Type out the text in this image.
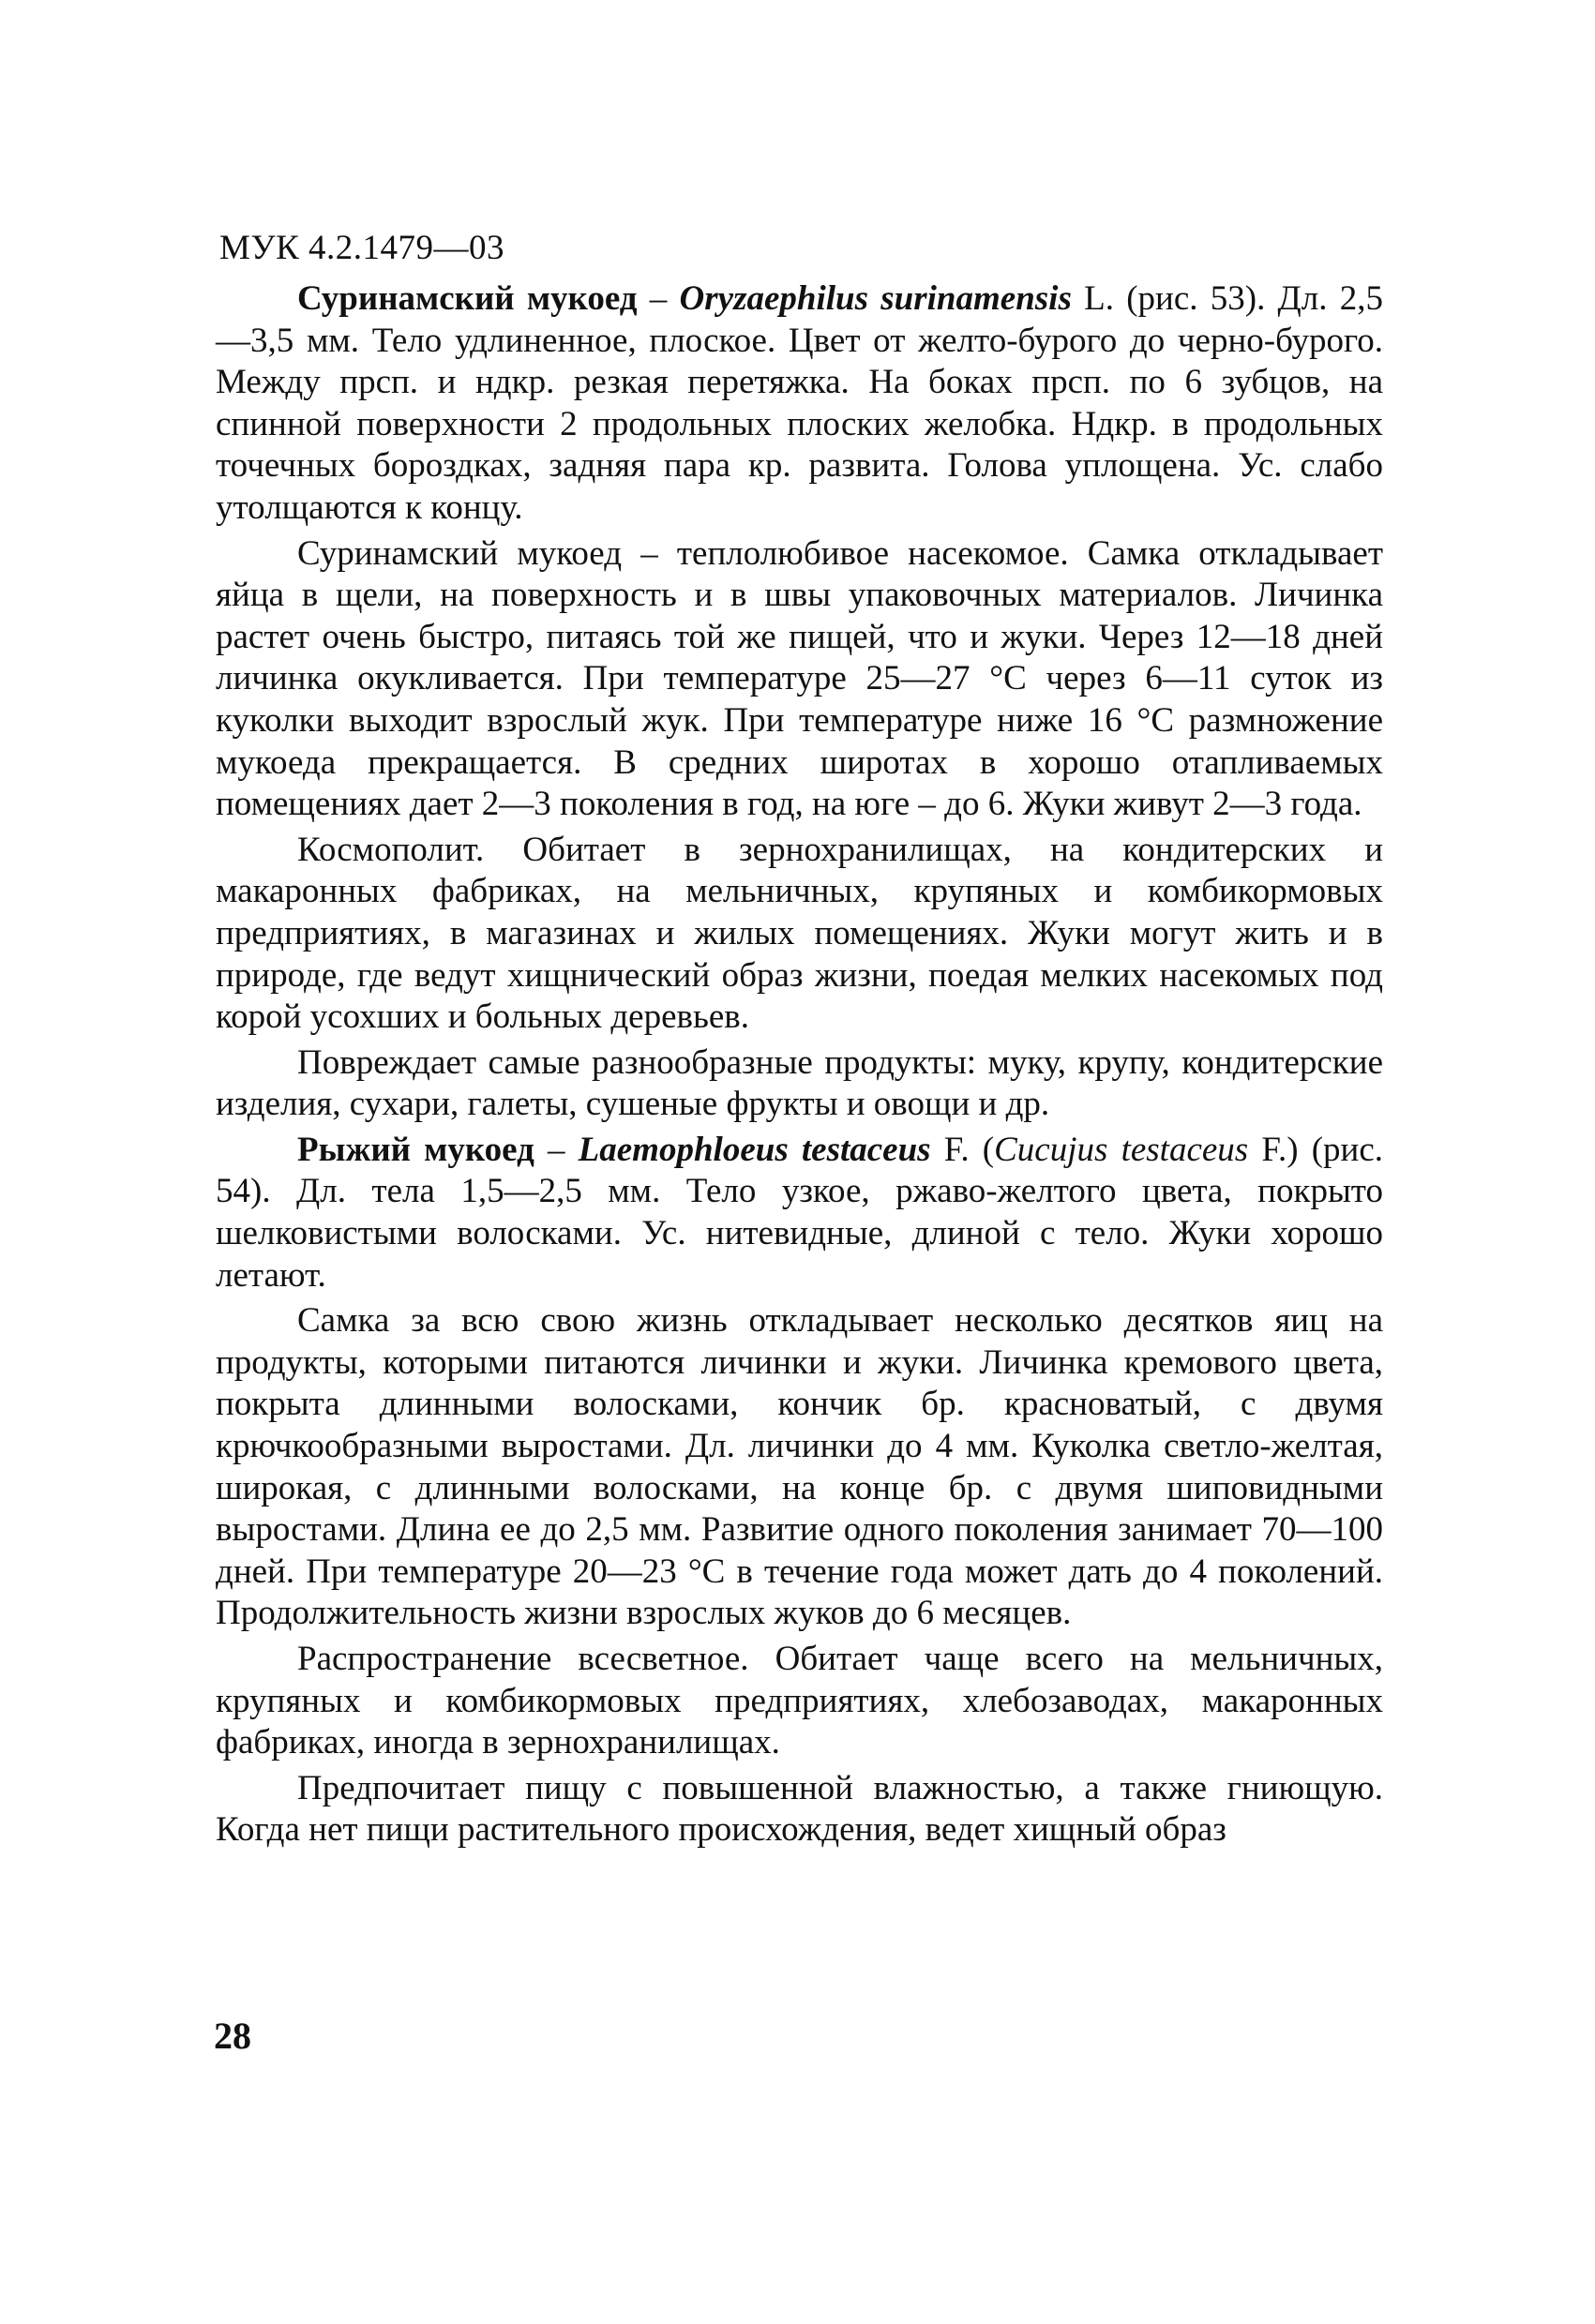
МУК 4.2.1479—03

Суринамский мукоед – Oryzaephilus surinamensis L. (рис. 53). Дл. 2,5—3,5 мм. Тело удлиненное, плоское. Цвет от желто-бурого до черно-бурого. Между прсп. и ндкр. резкая перетяжка. На боках прсп. по 6 зубцов, на спинной поверхности 2 продольных плоских желобка. Ндкр. в продольных точечных бороздках, задняя пара кр. развита. Голова уплощена. Ус. слабо утолщаются к концу.

Суринамский мукоед – теплолюбивое насекомое. Самка откладывает яйца в щели, на поверхность и в швы упаковочных материалов. Личинка растет очень быстро, питаясь той же пищей, что и жуки. Через 12—18 дней личинка окукливается. При температуре 25—27 °С через 6—11 суток из куколки выходит взрослый жук. При температуре ниже 16 °С размножение мукоеда прекращается. В средних широтах в хорошо отапливаемых помещениях дает 2—3 поколения в год, на юге – до 6. Жуки живут 2—3 года.

Космополит. Обитает в зернохранилищах, на кондитерских и макаронных фабриках, на мельничных, крупяных и комбикормовых предприятиях, в магазинах и жилых помещениях. Жуки могут жить и в природе, где ведут хищнический образ жизни, поедая мелких насекомых под корой усохших и больных деревьев.

Повреждает самые разнообразные продукты: муку, крупу, кондитерские изделия, сухари, галеты, сушеные фрукты и овощи и др.

Рыжий мукоед – Laemophloeus testaceus F. (Cucujus testaceus F.) (рис. 54). Дл. тела 1,5—2,5 мм. Тело узкое, ржаво-желтого цвета, покрыто шелковистыми волосками. Ус. нитевидные, длиной с тело. Жуки хорошо летают.

Самка за всю свою жизнь откладывает несколько десятков яиц на продукты, которыми питаются личинки и жуки. Личинка кремового цвета, покрыта длинными волосками, кончик бр. красноватый, с двумя крючкообразными выростами. Дл. личинки до 4 мм. Куколка светло-желтая, широкая, с длинными волосками, на конце бр. с двумя шиповидными выростами. Длина ее до 2,5 мм. Развитие одного поколения занимает 70—100 дней. При температуре 20—23 °С в течение года может дать до 4 поколений. Продолжительность жизни взрослых жуков до 6 месяцев.

Распространение всесветное. Обитает чаще всего на мельничных, крупяных и комбикормовых предприятиях, хлебозаводах, макаронных фабриках, иногда в зернохранилищах.

Предпочитает пищу с повышенной влажностью, а также гниющую. Когда нет пищи растительного происхождения, ведет хищный образ

28
